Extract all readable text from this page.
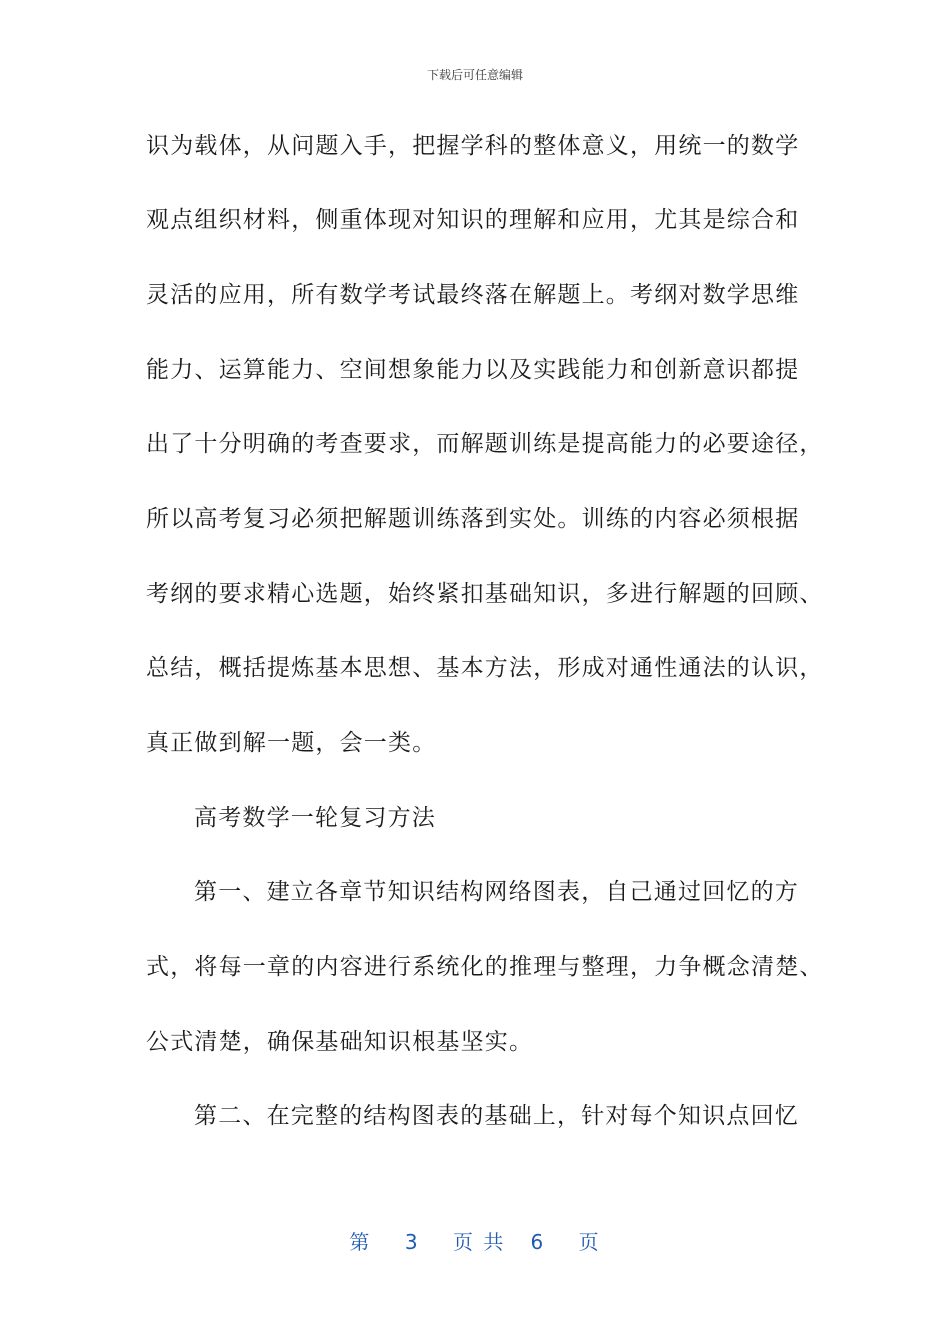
下载后可任意编辑
识为载体，从问题入手，把握学科的整体意义，用统一的数学
观点组织材料，侧重体现对知识的理解和应用，尤其是综合和
灵活的应用，所有数学考试最终落在解题上。考纲对数学思维
能力、运算能力、空间想象能力以及实践能力和创新意识都提
出了十分明确的考查要求，而解题训练是提高能力的必要途径，
所以高考复习必须把解题训练落到实处。训练的内容必须根据
考纲的要求精心选题，始终紧扣基础知识，多进行解题的回顾、
总结，概括提炼基本思想、基本方法，形成对通性通法的认识，
真正做到解一题，会一类。
高考数学一轮复习方法
第一、建立各章节知识结构网络图表，自己通过回忆的方
式，将每一章的内容进行系统化的推理与整理，力争概念清楚、
公式清楚，确保基础知识根基坚实。
第二、在完整的结构图表的基础上，针对每个知识点回忆
第 3 页 共 6 页
